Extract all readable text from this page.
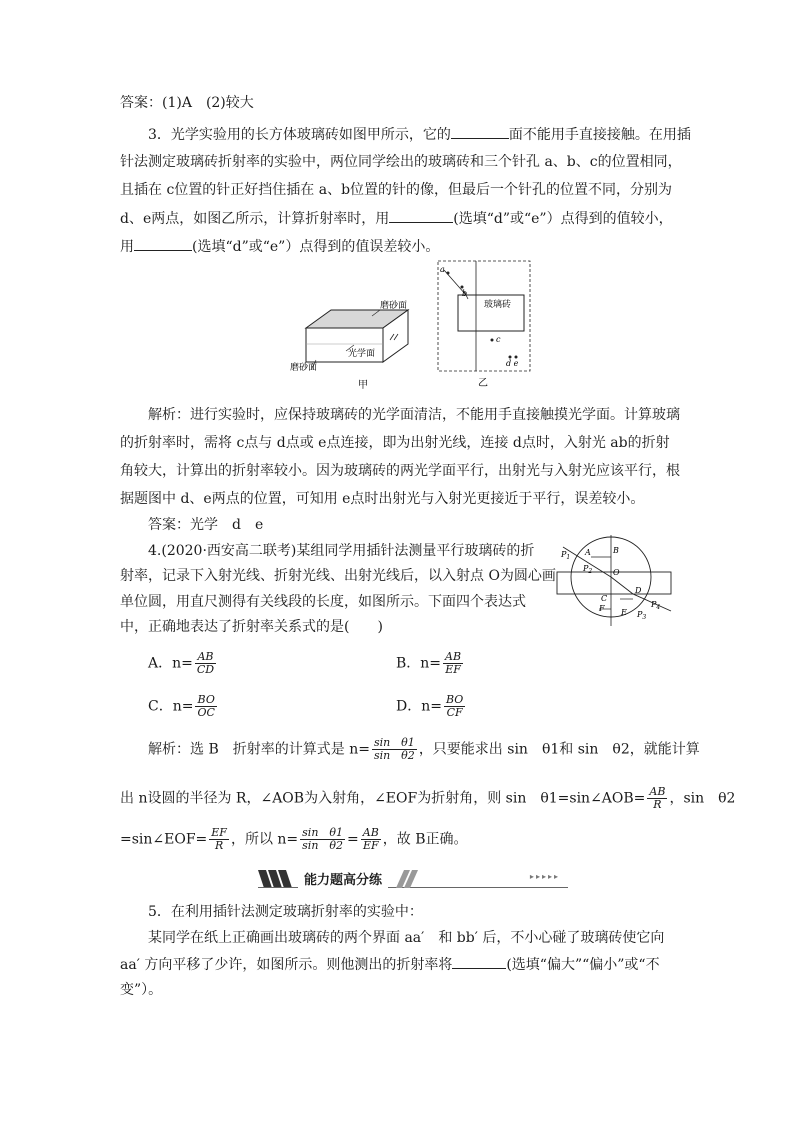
答案：(1)A　(2)较大
3．光学实验用的长方体玻璃砖如图甲所示，它的	面不能用手直接接触。在用插
针法测定玻璃砖折射率的实验中，两位同学绘出的玻璃砖和三个针孔 a、b、c的位置相同，
且插在 c位置的针正好挡住插在 a、b位置的针的像，但最后一个针孔的位置不同，分别为
d、e两点，如图乙所示，计算折射率时，用	(选填“d”或“e”）点得到的值较小，
用	(选填“d”或“e”）点得到的值误差较小。
磨砂面
光学面
磨砂面
甲
a
b
玻璃砖
c
d e
乙
解析：进行实验时，应保持玻璃砖的光学面清洁，不能用手直接触摸光学面。计算玻璃
的折射率时，需将 c点与 d点或 e点连接，即为出射光线，连接 d点时，入射光 ab的折射
角较大，计算出的折射率较小。因为玻璃砖的两光学面平行，出射光与入射光应该平行，根
据题图中 d、e两点的位置，可知用 e点时出射光与入射光更接近于平行，误差较小。
答案：光学　d　e
4.(2020·西安高二联考)某组同学用插针法测量平行玻璃砖的折
射率，记录下入射光线、折射光线、出射光线后，以入射点 O为圆心画
单位圆，用直尺测得有关线段的长度，如图所示。下面四个表达式
中，正确地表达了折射率关系式的是(　　)
A	B
O
C
D
E
F
$P_1$
$P_2$
$P_3$
$P_4$
A．$n= \frac{AB}{CD}$	B．$n= \frac{AB}{EF}$
C．$n= \frac{BO}{OC}$	D．$n= \frac{BO}{CF}$
解析：选 B　折射率的计算式是 $n= \frac{\text{sin　θ1}}{\text{sin　θ2}}$ ，只要能求出 sin　θ1和 sin　θ2，就能计算
出 n设圆的半径为 R，∠AOB为入射角，∠EOF为折射角，则 sin　θ1=sin∠AOB= $\frac{AB}{R}$ ，sin　θ2
=sin∠EOF= $\frac{EF}{R}$ ，所以 $n= \frac{\text{sin　θ1}}{\text{sin　θ2}} = \frac{AB}{EF}$ ，故 B正确。
能力题高分练	▸▸▸▸▸
5．在利用插针法测定玻璃折射率的实验中：
某同学在纸上正确画出玻璃砖的两个界面 aa′　和 bb′ 后，不小心碰了玻璃砖使它向
aa′ 方向平移了少许，如图所示。则他测出的折射率将	(选填“偏大”“偏小”或“不
变”）。
